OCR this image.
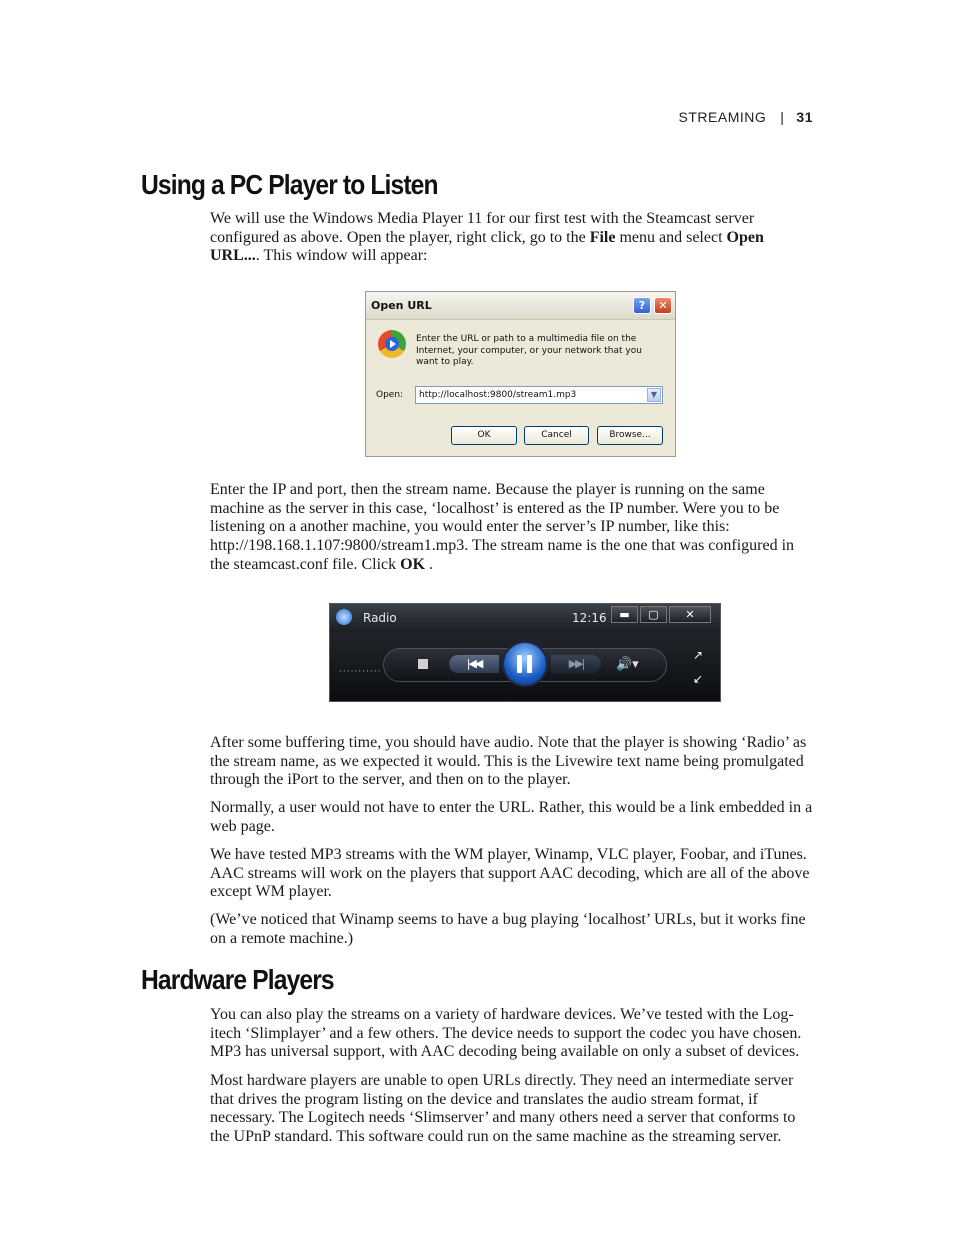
STREAMING | 31
Using a PC Player to Listen

We will use the Windows Media Player 11 for our first test with the Steamcast server configured as above. Open the player, right click, go to the File menu and select Open URL.... This window will appear:

Open URL	?	✕
Enter the URL or path to a multimedia file on the Internet, your computer, or your network that you want to play.
Open: http://localhost:9800/stream1.mp3	▼
OK	Cancel	Browse...

Enter the IP and port, then the stream name. Because the player is running on the same machine as the server in this case, ‘localhost’ is entered as the IP number. Were you to be listening on a another machine, you would enter the server’s IP number, like this: http://198.168.1.107:9800/stream1.mp3. The stream name is the one that was configured in the steamcast.conf file. Click OK .

Radio	12:16	▬	▢	✕
···········
|◀◀	▶▶|	🔊▾
↗
↙

After some buffering time, you should have audio. Note that the player is showing ‘Radio’ as the stream name, as we expected it would. This is the Livewire text name being promulgated through the iPort to the server, and then on to the player.

Normally, a user would not have to enter the URL. Rather, this would be a link embedded in a web page.

We have tested MP3 streams with the WM player, Winamp, VLC player, Foobar, and iTunes. AAC streams will work on the players that support AAC decoding, which are all of the above except WM player.

(We’ve noticed that Winamp seems to have a bug playing ‘localhost’ URLs, but it works fine on a remote machine.)

Hardware Players

You can also play the streams on a variety of hardware devices. We’ve tested with the Log-itech ‘Slimplayer’ and a few others. The device needs to support the codec you have chosen. MP3 has universal support, with AAC decoding being available on only a subset of devices.

Most hardware players are unable to open URLs directly. They need an intermediate server that drives the program listing on the device and translates the audio stream format, if necessary. The Logitech needs ‘Slimserver’ and many others need a server that conforms to the UPnP standard. This software could run on the same machine as the streaming server.
